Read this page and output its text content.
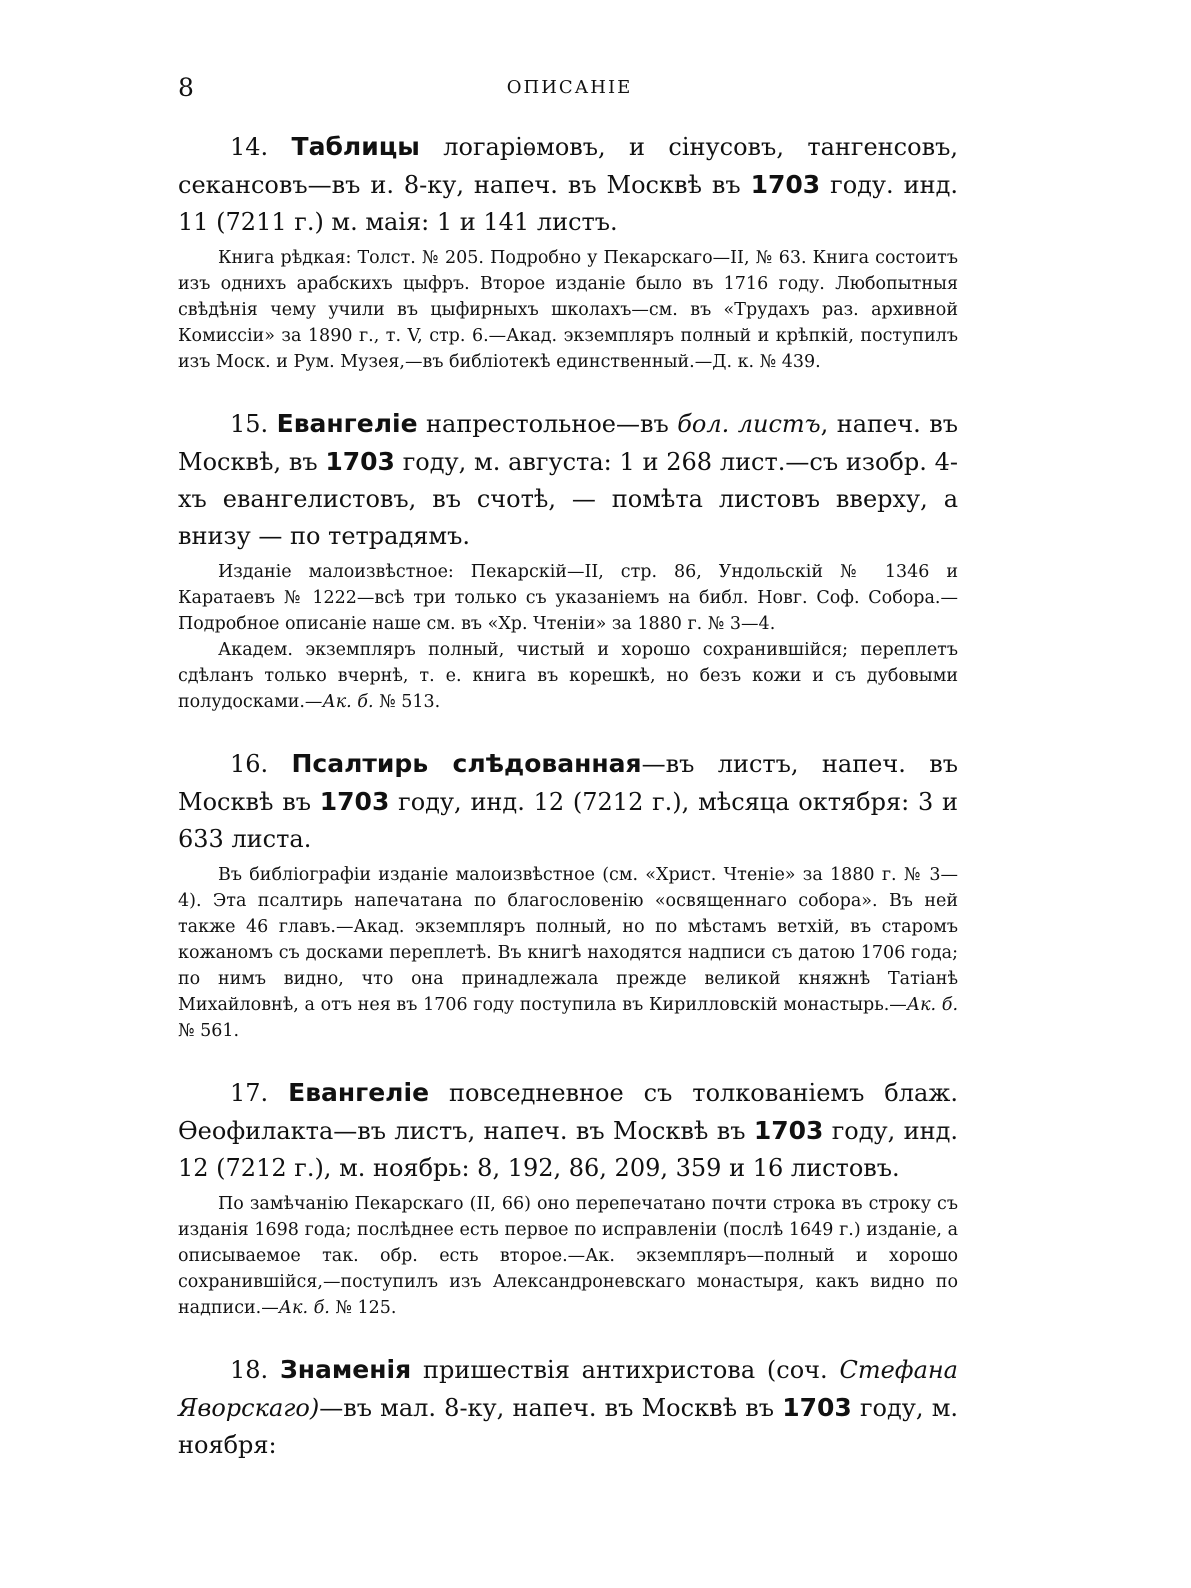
8	ОПИСАНІЕ

14. Таблицы логаріѳмовъ, и сінусовъ, тангенсовъ, секансовъ—въ и. 8-ку, напеч. въ Москвѣ въ 1703 году. инд. 11 (7211 г.) м. маія: 1 и 141 листъ.

Книга рѣдкая: Толст. № 205. Подробно у Пекарскаго—II, № 63. Книга состоитъ изъ однихъ арабскихъ цыфръ. Второе изданіе было въ 1716 году. Любопытныя свѣдѣнія чему учили въ цыфирныхъ школахъ—см. въ «Трудахъ раз. архивной Комиссіи» за 1890 г., т. V, стр. 6.—Акад. экземпляръ полный и крѣпкій, поступилъ изъ Моск. и Рум. Музея,—въ библіотекѣ единственный.—Д. к. № 439.

15. Евангеліе напрестольное—въ бол. листъ, напеч. въ Москвѣ, въ 1703 году, м. августа: 1 и 268 лист.—съ изобр. 4-хъ евангелистовъ, въ счотѣ, — помѣта листовъ вверху, а внизу — по тетрадямъ.

Изданіе малоизвѣстное: Пекарскій—II, стр. 86, Ундольскій № 1346 и Каратаевъ № 1222—всѣ три только съ указаніемъ на библ. Новг. Соф. Собора.—Подробное описаніе наше см. въ «Хр. Чтеніи» за 1880 г. № 3—4.

Академ. экземпляръ полный, чистый и хорошо сохранившійся; переплетъ сдѣланъ только вчернѣ, т. е. книга въ корешкѣ, но безъ кожи и съ дубовыми полудосками.—Ак. б. № 513.

16. Псалтирь слѣдованная—въ листъ, напеч. въ Москвѣ въ 1703 году, инд. 12 (7212 г.), мѣсяца октября: 3 и 633 листа.

Въ библіографіи изданіе малоизвѣстное (см. «Христ. Чтеніе» за 1880 г. № 3—4). Эта псалтирь напечатана по благословенію «освященнаго собора». Въ ней также 46 главъ.—Акад. экземпляръ полный, но по мѣстамъ ветхій, въ старомъ кожаномъ съ досками переплетѣ. Въ книгѣ находятся надписи съ датою 1706 года; по нимъ видно, что она принадлежала прежде великой княжнѣ Татіанѣ Михайловнѣ, а отъ нея въ 1706 году поступила въ Кирилловскій монастырь.—Ак. б. № 561.

17. Евангеліе повседневное съ толкованіемъ блаж. Ѳеофилакта—въ листъ, напеч. въ Москвѣ въ 1703 году, инд. 12 (7212 г.), м. ноябрь: 8, 192, 86, 209, 359 и 16 листовъ.

По замѣчанію Пекарскаго (II, 66) оно перепечатано почти строка въ строку съ изданія 1698 года; послѣднее есть первое по исправленіи (послѣ 1649 г.) изданіе, а описываемое так. обр. есть второе.—Ак. экземпляръ—полный и хорошо сохранившійся,—поступилъ изъ Александроневскаго монастыря, какъ видно по надписи.—Ак. б. № 125.

18. Знаменія пришествія антихристова (соч. Стефана Яворскаго)—въ мал. 8-ку, напеч. въ Москвѣ въ 1703 году, м. ноября:
